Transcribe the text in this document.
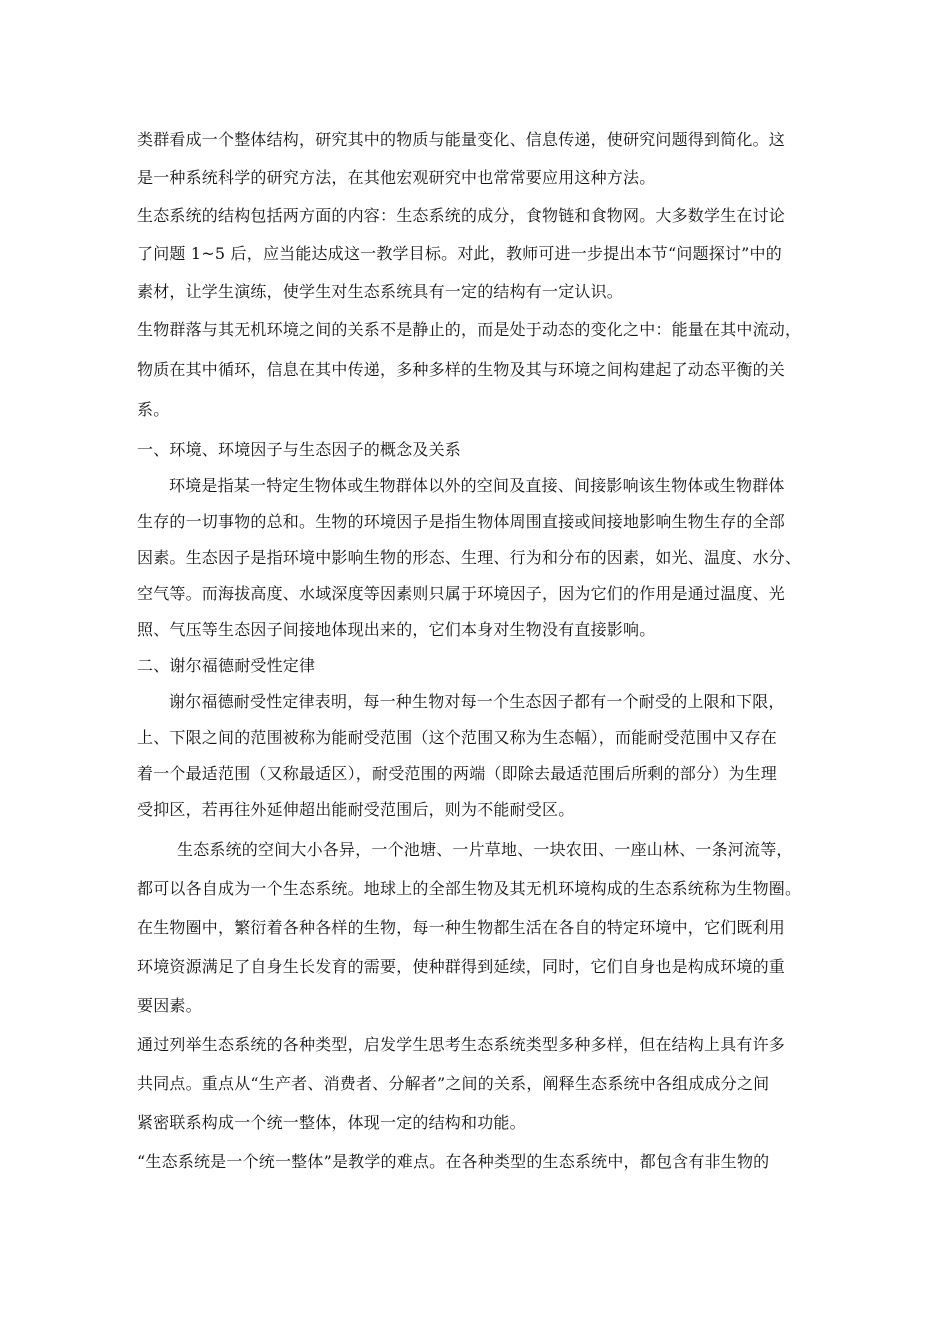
类群看成一个整体结构，研究其中的物质与能量变化、信息传递，使研究问题得到简化。这
是一种系统科学的研究方法，在其他宏观研究中也常常要应用这种方法。
生态系统的结构包括两方面的内容：生态系统的成分，食物链和食物网。大多数学生在讨论
了问题 1~5 后，应当能达成这一教学目标。对此，教师可进一步提出本节“问题探讨”中的
素材，让学生演练，使学生对生态系统具有一定的结构有一定认识。
生物群落与其无机环境之间的关系不是静止的，而是处于动态的变化之中：能量在其中流动，
物质在其中循环，信息在其中传递，多种多样的生物及其与环境之间构建起了动态平衡的关
系。
一、环境、环境因子与生态因子的概念及关系
环境是指某一特定生物体或生物群体以外的空间及直接、间接影响该生物体或生物群体
生存的一切事物的总和。生物的环境因子是指生物体周围直接或间接地影响生物生存的全部
因素。生态因子是指环境中影响生物的形态、生理、行为和分布的因素，如光、温度、水分、
空气等。而海拔高度、水域深度等因素则只属于环境因子，因为它们的作用是通过温度、光
照、气压等生态因子间接地体现出来的，它们本身对生物没有直接影响。
二、谢尔福德耐受性定律
谢尔福德耐受性定律表明，每一种生物对每一个生态因子都有一个耐受的上限和下限，
上、下限之间的范围被称为能耐受范围（这个范围又称为生态幅），而能耐受范围中又存在
着一个最适范围（又称最适区），耐受范围的两端（即除去最适范围后所剩的部分）为生理
受抑区，若再往外延伸超出能耐受范围后，则为不能耐受区。
生态系统的空间大小各异，一个池塘、一片草地、一块农田、一座山林、一条河流等，
都可以各自成为一个生态系统。地球上的全部生物及其无机环境构成的生态系统称为生物圈。
在生物圈中，繁衍着各种各样的生物，每一种生物都生活在各自的特定环境中，它们既利用
环境资源满足了自身生长发育的需要，使种群得到延续，同时，它们自身也是构成环境的重
要因素。
通过列举生态系统的各种类型，启发学生思考生态系统类型多种多样，但在结构上具有许多
共同点。重点从“生产者、消费者、分解者”之间的关系，阐释生态系统中各组成成分之间
紧密联系构成一个统一整体，体现一定的结构和功能。
“生态系统是一个统一整体”是教学的难点。在各种类型的生态系统中，都包含有非生物的
